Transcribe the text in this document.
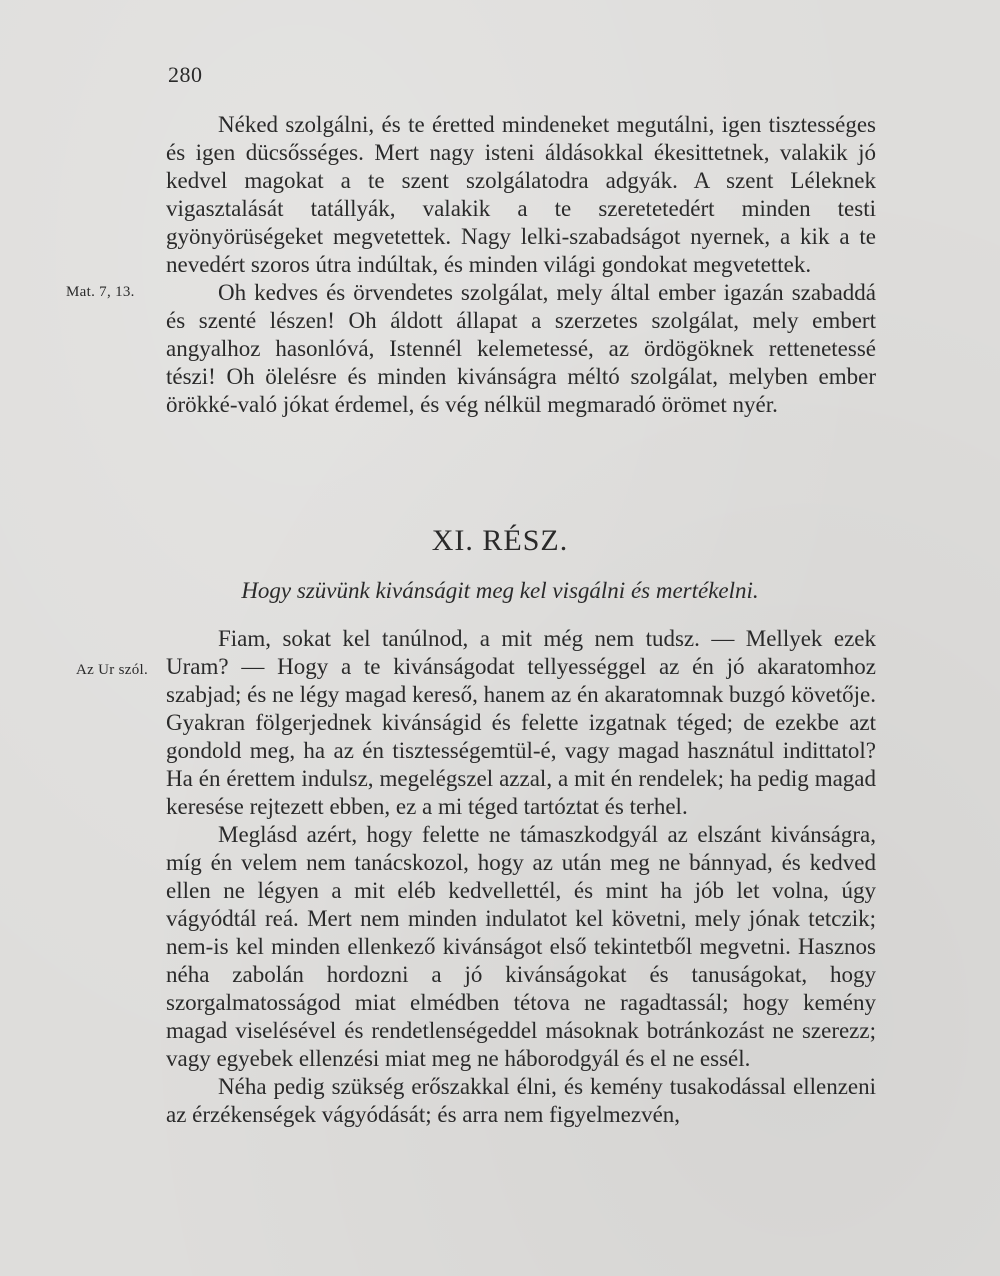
280
Mat. 7, 13.
Az Ur szól.

Néked szolgálni, és te éretted mindeneket megutálni, igen tisztességes és igen dücsősséges. Mert nagy isteni áldásokkal ékesittetnek, valakik jó kedvel magokat a te szent szolgálatodra adgyák. A szent Léleknek vigasztalását tatállyák, valakik a te szeretetedért minden testi gyönyörüségeket megvetettek. Nagy lelki-szabadságot nyernek, a kik a te nevedért szoros útra indúltak, és minden világi gondokat megvetettek.

Oh kedves és örvendetes szolgálat, mely által ember igazán szabaddá és szenté lészen! Oh áldott állapat a szerzetes szolgálat, mely embert angyalhoz hasonlóvá, Istennél kelemetessé, az ördögöknek rettenetessé tészi! Oh ölelésre és minden kivánságra méltó szolgálat, melyben ember örökké-való jókat érdemel, és vég nélkül megmaradó örömet nyér.

XI. RÉSZ.
Hogy szüvünk kivánságit meg kel visgálni és mertékelni.

Fiam, sokat kel tanúlnod, a mit még nem tudsz. — Mellyek ezek Uram? — Hogy a te kivánságodat tellyességgel az én jó akaratomhoz szabjad; és ne légy magad kereső, hanem az én akaratomnak buzgó követője. Gyakran fölgerjednek kivánságid és felette izgatnak téged; de ezekbe azt gondold meg, ha az én tisztességemtül-é, vagy magad hasznátul indittatol? Ha én érettem indulsz, megelégszel azzal, a mit én rendelek; ha pedig magad keresése rejtezett ebben, ez a mi téged tartóztat és terhel.

Meglásd azért, hogy felette ne támaszkodgyál az elszánt kivánságra, míg én velem nem tanácskozol, hogy az után meg ne bánnyad, és kedved ellen ne légyen a mit eléb kedvellettél, és mint ha jób let volna, úgy vágyódtál reá. Mert nem minden indulatot kel követni, mely jónak tetczik; nem-is kel minden ellenkező kivánságot első tekintetből megvetni. Hasznos néha zabolán hordozni a jó kivánságokat és tanuságokat, hogy szorgalmatosságod miat elmédben tétova ne ragadtassál; hogy kemény magad viselésével és rendetlenségeddel másoknak botránkozást ne szerezz; vagy egyebek ellenzési miat meg ne háborodgyál és el ne essél.

Néha pedig szükség erőszakkal élni, és kemény tusakodással ellenzeni az érzékenségek vágyódását; és arra nem figyelmezvén,
